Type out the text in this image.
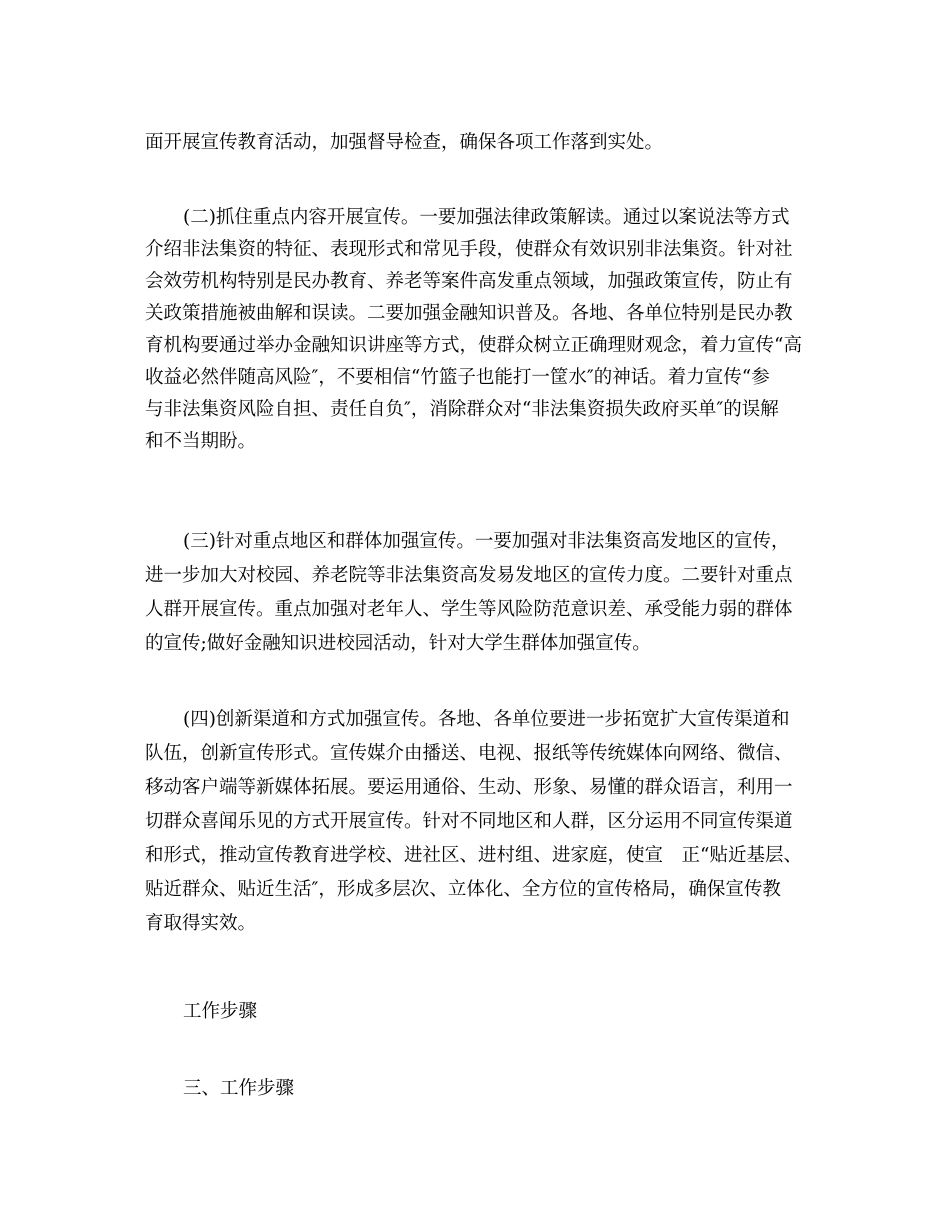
面开展宣传教育活动，加强督导检查，确保各项工作落到实处。
(二)抓住重点内容开展宣传。一要加强法律政策解读。通过以案说法等方式
介绍非法集资的特征、表现形式和常见手段，使群众有效识别非法集资。针对社
会效劳机构特别是民办教育、养老等案件高发重点领域，加强政策宣传，防止有
关政策措施被曲解和误读。二要加强金融知识普及。各地、各单位特别是民办教
育机构要通过举办金融知识讲座等方式，使群众树立正确理财观念，着力宣传“高
收益必然伴随高风险″，不要相信“竹篮子也能打一筐水″的神话。着力宣传“参
与非法集资风险自担、责任自负″，消除群众对“非法集资损失政府买单″的误解
和不当期盼。
(三)针对重点地区和群体加强宣传。一要加强对非法集资高发地区的宣传，
进一步加大对校园、养老院等非法集资高发易发地区的宣传力度。二要针对重点
人群开展宣传。重点加强对老年人、学生等风险防范意识差、承受能力弱的群体
的宣传;做好金融知识进校园活动，针对大学生群体加强宣传。
(四)创新渠道和方式加强宣传。各地、各单位要进一步拓宽扩大宣传渠道和
队伍，创新宣传形式。宣传媒介由播送、电视、报纸等传统媒体向网络、微信、
移动客户端等新媒体拓展。要运用通俗、生动、形象、易懂的群众语言，利用一
切群众喜闻乐见的方式开展宣传。针对不同地区和人群，区分运用不同宣传渠道
和形式，推动宣传教育进学校、进社区、进村组、进家庭，使宣　正“贴近基层、
贴近群众、贴近生活″，形成多层次、立体化、全方位的宣传格局，确保宣传教
育取得实效。
工作步骤
三、工作步骤
